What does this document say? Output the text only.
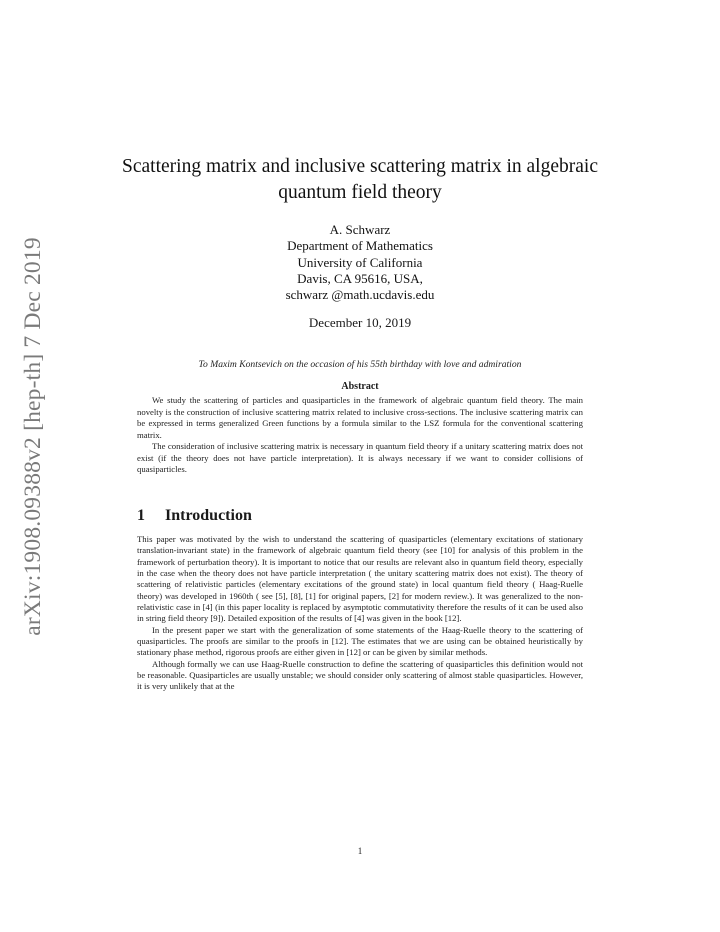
arXiv:1908.09388v2 [hep-th] 7 Dec 2019
Scattering matrix and inclusive scattering matrix in algebraic
quantum field theory
A. Schwarz
Department of Mathematics
University of California
Davis, CA 95616, USA,
schwarz @math.ucdavis.edu
December 10, 2019
To Maxim Kontsevich on the occasion of his 55th birthday with love and admiration
Abstract

We study the scattering of particles and quasiparticles in the framework of algebraic quantum field theory. The main novelty is the construction of inclusive scattering matrix related to inclusive cross-sections. The inclusive scattering matrix can be expressed in terms generalized Green functions by a formula similar to the LSZ formula for the conventional scattering matrix.

The consideration of inclusive scattering matrix is necessary in quantum field theory if a unitary scattering matrix does not exist (if the theory does not have particle interpretation). It is always necessary if we want to consider collisions of quasiparticles.

1 Introduction

This paper was motivated by the wish to understand the scattering of quasiparticles (elementary excitations of stationary translation-invariant state) in the framework of algebraic quantum field theory (see [10] for analysis of this problem in the framework of perturbation theory). It is important to notice that our results are relevant also in quantum field theory, especially in the case when the theory does not have particle interpretation ( the unitary scattering matrix does not exist). The theory of scattering of relativistic particles (elementary excitations of the ground state) in local quantum field theory ( Haag-Ruelle theory) was developed in 1960th ( see [5], [8], [1] for original papers, [2] for modern review.). It was generalized to the non-relativistic case in [4] (in this paper locality is replaced by asymptotic commutativity therefore the results of it can be used also in string field theory [9]). Detailed exposition of the results of [4] was given in the book [12].

In the present paper we start with the generalization of some statements of the Haag-Ruelle theory to the scattering of quasiparticles. The proofs are similar to the proofs in [12]. The estimates that we are using can be obtained heuristically by stationary phase method, rigorous proofs are either given in [12] or can be given by similar methods.

Although formally we can use Haag-Ruelle construction to define the scattering of quasiparticles this definition would not be reasonable. Quasiparticles are usually unstable; we should consider only scattering of almost stable quasiparticles. However, it is very unlikely that at the

1
